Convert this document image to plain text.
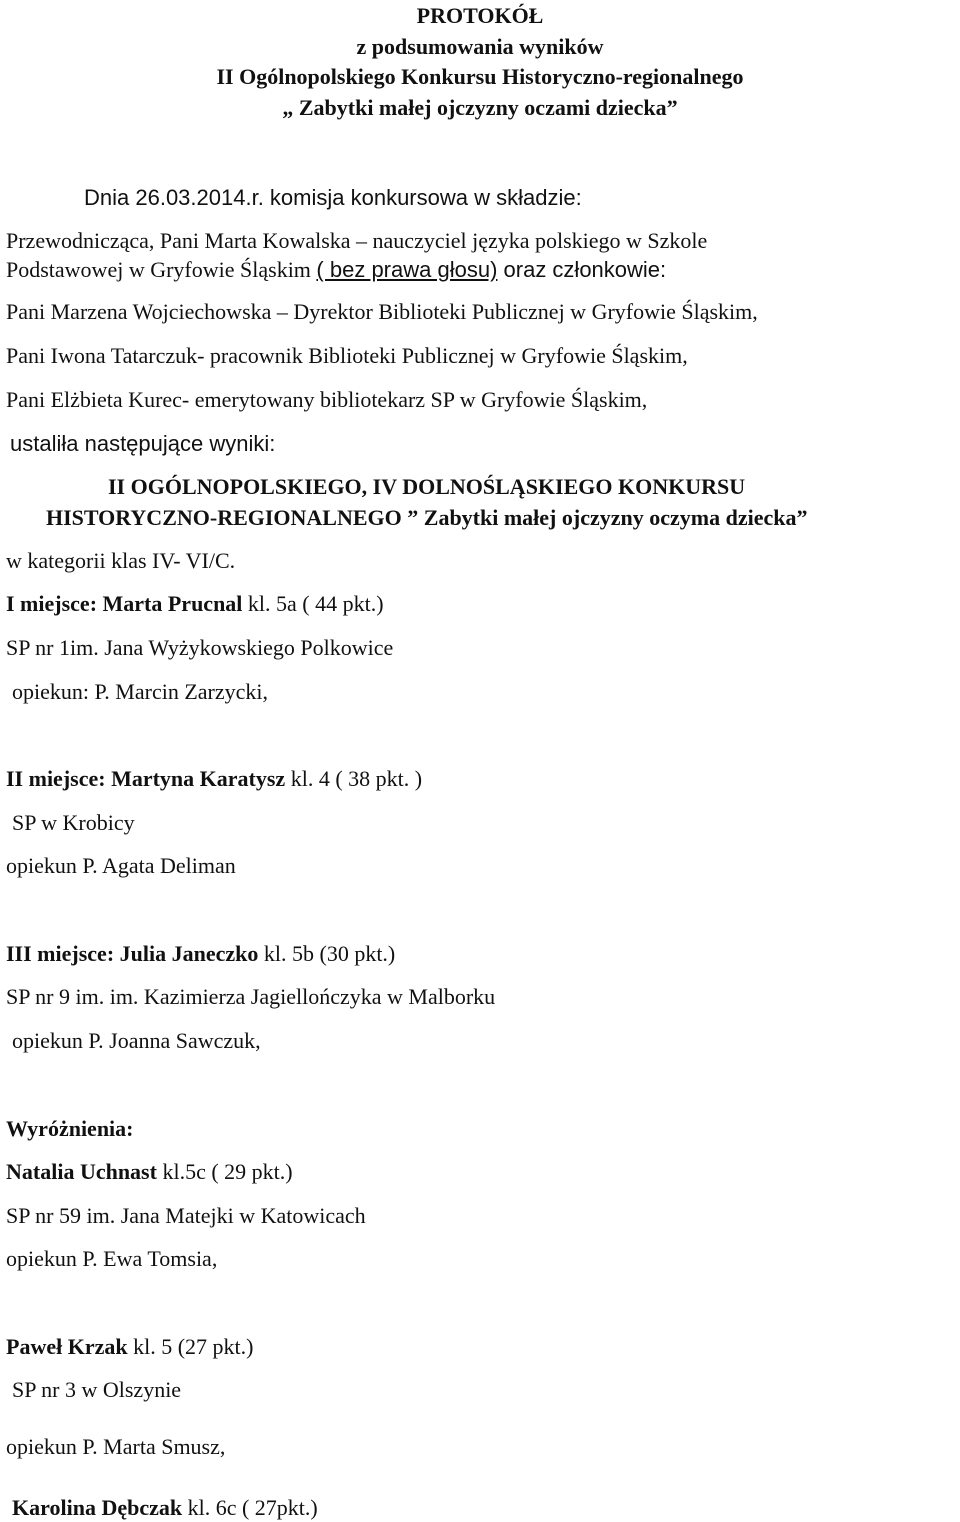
PROTOKÓŁ
z podsumowania wyników
II Ogólnopolskiego Konkursu Historyczno-regionalnego
„ Zabytki małej ojczyzny oczami dziecka”
Dnia 26.03.2014.r. komisja konkursowa w składzie:
Przewodnicząca, Pani Marta Kowalska – nauczyciel języka polskiego w Szkole
Podstawowej w Gryfowie Śląskim ( bez prawa głosu) oraz członkowie:
Pani Marzena Wojciechowska – Dyrektor Biblioteki Publicznej w Gryfowie Śląskim,
Pani Iwona Tatarczuk- pracownik Biblioteki Publicznej w Gryfowie Śląskim,
Pani Elżbieta Kurec- emerytowany bibliotekarz SP w Gryfowie Śląskim,
ustaliła następujące wyniki:
II OGÓLNOPOLSKIEGO, IV DOLNOŚLĄSKIEGO KONKURSU
HISTORYCZNO-REGIONALNEGO ” Zabytki małej ojczyzny oczyma dziecka”
w kategorii klas IV- VI/C.
I miejsce: Marta Prucnal kl. 5a ( 44 pkt.)
SP nr 1im. Jana Wyżykowskiego Polkowice
opiekun: P. Marcin Zarzycki,
II miejsce: Martyna Karatysz kl. 4 ( 38 pkt. )
SP w Krobicy
opiekun P. Agata Deliman
III miejsce: Julia Janeczko kl. 5b (30 pkt.)
SP nr 9 im. im. Kazimierza Jagiellończyka w Malborku
opiekun P. Joanna Sawczuk,
Wyróżnienia:
Natalia Uchnast kl.5c ( 29 pkt.)
SP nr 59 im. Jana Matejki w Katowicach
opiekun P. Ewa Tomsia,
Paweł Krzak kl. 5 (27 pkt.)
SP nr 3 w Olszynie
opiekun P. Marta Smusz,
Karolina Dębczak kl. 6c ( 27pkt.)
